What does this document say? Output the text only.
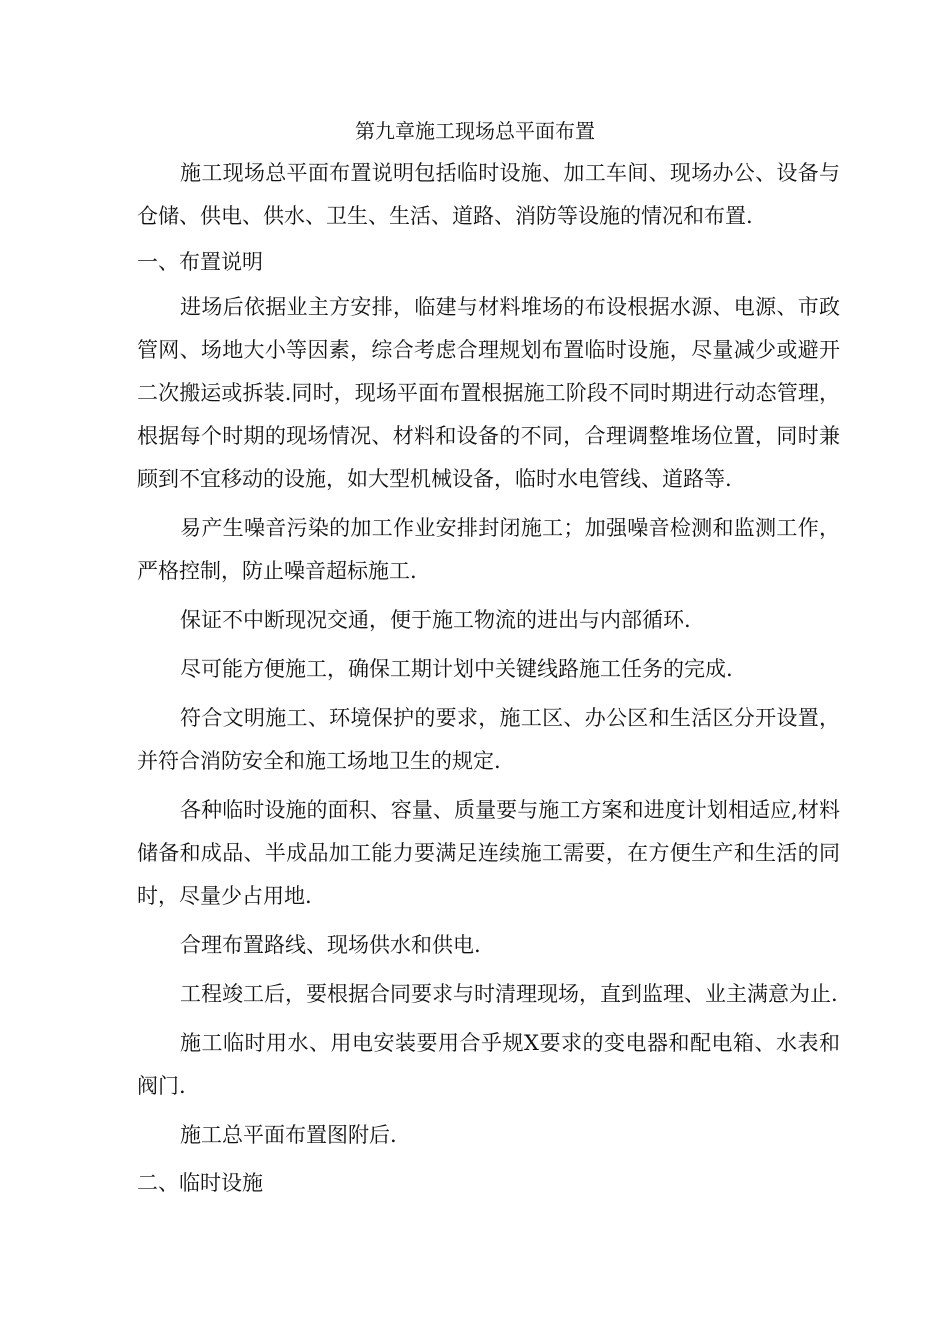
第九章施工现场总平面布置

施工现场总平面布置说明包括临时设施、加工车间、现场办公、设备与仓储、供电、供水、卫生、生活、道路、消防等设施的情况和布置.

一、布置说明

进场后依据业主方安排，临建与材料堆场的布设根据水源、电源、市政管网、场地大小等因素，综合考虑合理规划布置临时设施，尽量减少或避开二次搬运或拆装.同时，现场平面布置根据施工阶段不同时期进行动态管理，根据每个时期的现场情况、材料和设备的不同，合理调整堆场位置，同时兼顾到不宜移动的设施，如大型机械设备，临时水电管线、道路等.

易产生噪音污染的加工作业安排封闭施工；加强噪音检测和监测工作，严格控制，防止噪音超标施工.

保证不中断现况交通，便于施工物流的进出与内部循环.

尽可能方便施工，确保工期计划中关键线路施工任务的完成.

符合文明施工、环境保护的要求，施工区、办公区和生活区分开设置，并符合消防安全和施工场地卫生的规定.

各种临时设施的面积、容量、质量要与施工方案和进度计划相适应,材料储备和成品、半成品加工能力要满足连续施工需要，在方便生产和生活的同时，尽量少占用地.

合理布置路线、现场供水和供电.

工程竣工后，要根据合同要求与时清理现场，直到监理、业主满意为止.

施工临时用水、用电安装要用合乎规X要求的变电器和配电箱、水表和阀门.

施工总平面布置图附后.

二、临时设施
